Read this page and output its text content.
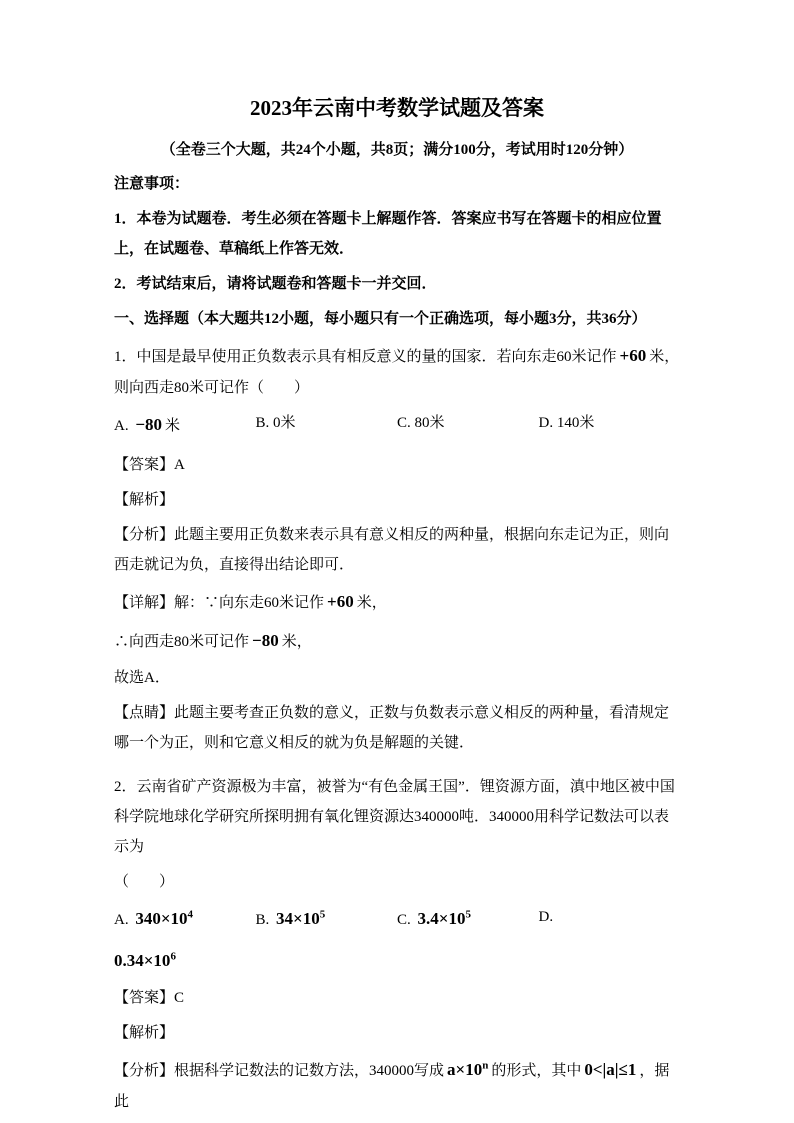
2023年云南中考数学试题及答案

（全卷三个大题，共24个小题，共8页；满分100分，考试用时120分钟）

注意事项：

1．本卷为试题卷．考生必须在答题卡上解题作答．答案应书写在答题卡的相应位置上，在试题卷、草稿纸上作答无效．

2．考试结束后，请将试题卷和答题卡一并交回．

一、选择题（本大题共12小题，每小题只有一个正确选项，每小题3分，共36分）

1．中国是最早使用正负数表示具有相反意义的量的国家．若向东走60米记作 +60 米，则向西走80米可记作（　　）

A. −80 米	B. 0米	C. 80米	D. 140米

【答案】A

【解析】

【分析】此题主要用正负数来表示具有意义相反的两种量，根据向东走记为正，则向西走就记为负，直接得出结论即可．

【详解】解：∵向东走60米记作 +60 米，

∴向西走80米可记作 −80 米，

故选A．

【点睛】此题主要考查正负数的意义，正数与负数表示意义相反的两种量，看清规定哪一个为正，则和它意义相反的就为负是解题的关键．

2．云南省矿产资源极为丰富，被誉为“有色金属王国”．锂资源方面，滇中地区被中国科学院地球化学研究所探明拥有氧化锂资源达340000吨．340000用科学记数法可以表示为

（　　）

A. $340\times 10^4$	B. $34\times 10^5$	C. $3.4\times 10^5$	D.

$0.34\times 10^6$

【答案】C

【解析】

【分析】根据科学记数法的记数方法，340000写成 $a\times 10^n$ 的形式，其中 0<|a|≤1 ，据此
